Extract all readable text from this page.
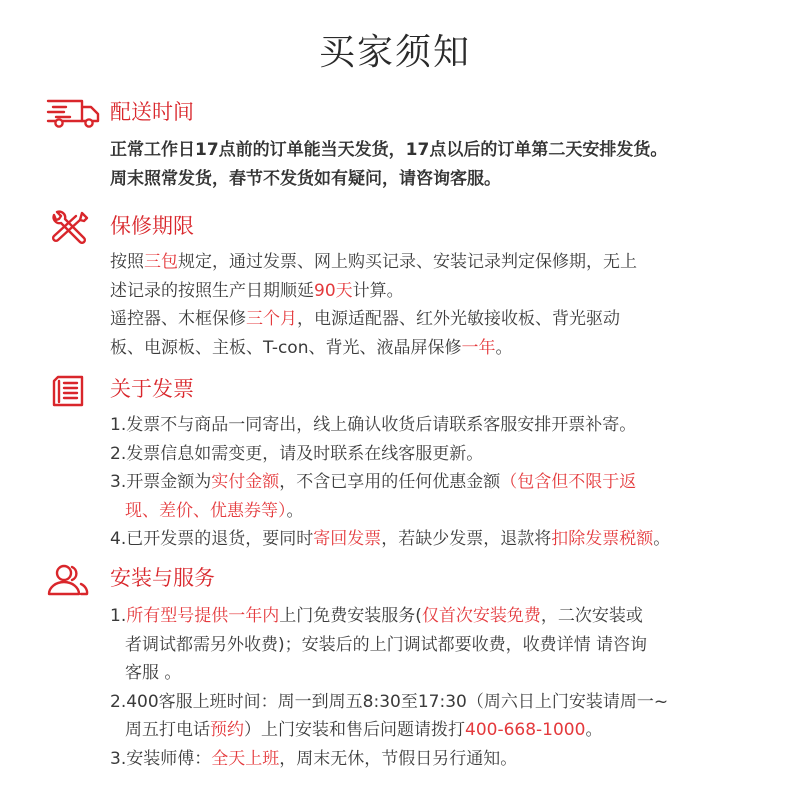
买家须知
配送时间

正常工作日17点前的订单能当天发货，17点以后的订单第二天安排发货。

周末照常发货，春节不发货如有疑问，请咨询客服。

保修期限

按照三包规定，通过发票、网上购买记录、安装记录判定保修期，无上
述记录的按照生产日期顺延90天计算。

遥控器、木框保修三个月，电源适配器、红外光敏接收板、背光驱动
板、电源板、主板、T-con、背光、液晶屏保修一年。

关于发票

1.发票不与商品一同寄出，线上确认收货后请联系客服安排开票补寄。

2.发票信息如需变更，请及时联系在线客服更新。

3.开票金额为实付金额，不含已享用的任何优惠金额（包含但不限于返
现、差价、优惠券等）。

4.已开发票的退货，要同时寄回发票，若缺少发票，退款将扣除发票税额。

安装与服务

1.所有型号提供一年内上门免费安装服务(仅首次安装免费，二次安装或
者调试都需另外收费)；安装后的上门调试都要收费，收费详情 请咨询
客服 。

2.400客服上班时间：周一到周五8:30至17:30（周六日上门安装请周一~
周五打电话预约）上门安装和售后问题请拨打400-668-1000。

3.安装师傅：全天上班，周末无休，节假日另行通知。
